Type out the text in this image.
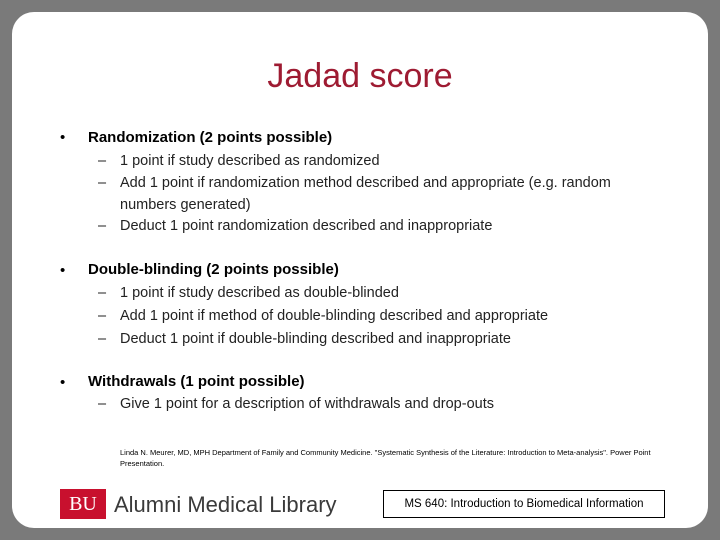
Jadad score
• Randomization (2 points possible)
– 1 point if study described as randomized
– Add 1 point if randomization method described and appropriate (e.g. random numbers generated)
– Deduct 1 point randomization described and inappropriate
• Double-blinding (2 points possible)
– 1 point if study described as double-blinded
– Add 1 point if method of double-blinding described and appropriate
– Deduct 1 point if double-blinding described and inappropriate
• Withdrawals (1 point possible)
– Give 1 point for a description of withdrawals and drop-outs
Linda N. Meurer, MD, MPH Department of Family and Community Medicine. "Systematic Synthesis of the Literature: Introduction to Meta-analysis". Power Point Presentation.
BU Alumni Medical Library	MS 640: Introduction to Biomedical Information
